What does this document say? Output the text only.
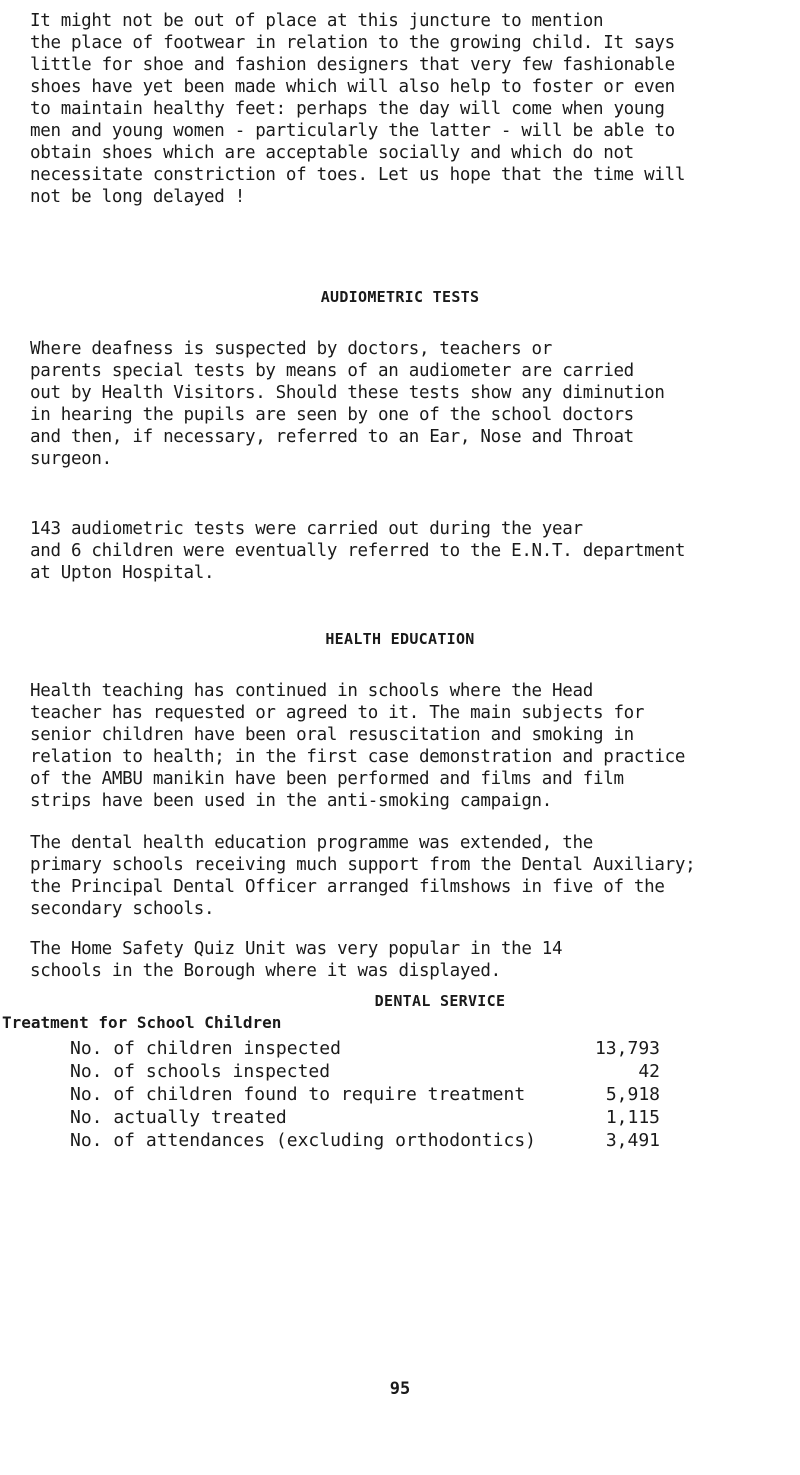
It might not be out of place at this juncture to mention
the place of footwear in relation to the growing child. It says
little for shoe and fashion designers that very few fashionable
shoes have yet been made which will also help to foster or even
to maintain healthy feet: perhaps the day will come when young
men and young women - particularly the latter - will be able to
obtain shoes which are acceptable socially and which do not
necessitate constriction of toes. Let us hope that the time will
not be long delayed !

AUDIOMETRIC TESTS

Where deafness is suspected by doctors, teachers or
parents special tests by means of an audiometer are carried
out by Health Visitors. Should these tests show any diminution
in hearing the pupils are seen by one of the school doctors
and then, if necessary, referred to an Ear, Nose and Throat
surgeon.

143 audiometric tests were carried out during the year
and 6 children were eventually referred to the E.N.T. department
at Upton Hospital.

HEALTH EDUCATION

Health teaching has continued in schools where the Head
teacher has requested or agreed to it. The main subjects for
senior children have been oral resuscitation and smoking in
relation to health; in the first case demonstration and practice
of the AMBU manikin have been performed and films and film
strips have been used in the anti-smoking campaign.

The dental health education programme was extended, the
primary schools receiving much support from the Dental Auxiliary;
the Principal Dental Officer arranged filmshows in five of the
secondary schools.

The Home Safety Quiz Unit was very popular in the 14
schools in the Borough where it was displayed.

DENTAL SERVICE
Treatment for School Children
No. of children inspected	13,793
No. of schools inspected	42
No. of children found to require treatment	5,918
No. actually treated	1,115
No. of attendances (excluding orthodontics)	3,491
95
